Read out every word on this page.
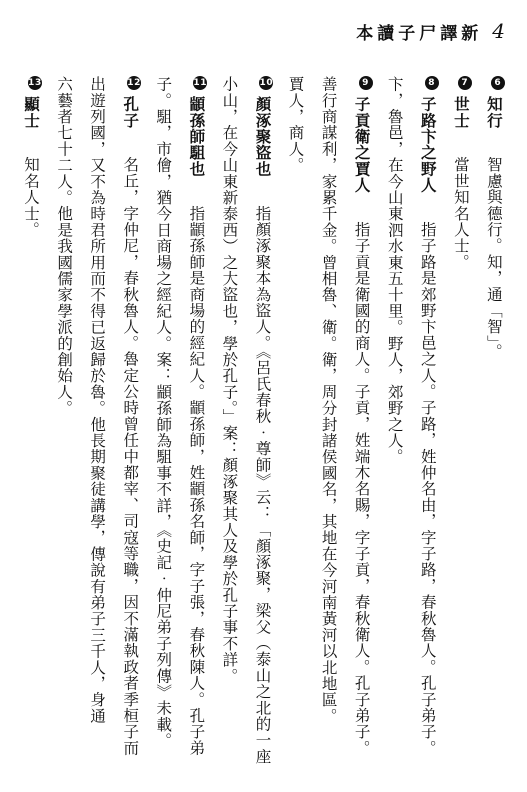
本讀子尸譯新 4
6知行　智慮與德行。知，通「智」。
7世士　當世知名人士。
8子路卞之野人　指子路是郊野卞邑之人。子路，姓仲名由，字子路，春秋魯人。孔子弟子。
卞，魯邑，在今山東泗水東五十里。野人，郊野之人。
9子貢衛之賈人　指子貢是衛國的商人。子貢，姓端木名賜，字子貢，春秋衛人。孔子弟子。
善行商謀利，家累千金。曾相魯、衛。衛，周分封諸侯國名，其地在今河南黃河以北地區。
賈人，商人。
10顏涿聚盜也　指顏涿聚本為盜人。《呂氏春秋‧尊師》云：「顏涿聚，梁父（泰山之北的一座
小山，在今山東新泰西）之大盜也，學於孔子。」案：顏涿聚其人及學於孔子事不詳。
11顓孫師駔也　指顓孫師是商場的經紀人。顓孫師，姓顓孫名師，字子張，春秋陳人。孔子弟
子。駔，市儈，猶今日商場之經紀人。案：顓孫師為駔事不詳，《史記‧仲尼弟子列傳》未載。
12孔子　名丘，字仲尼，春秋魯人。魯定公時曾任中都宰、司寇等職，因不滿執政者季桓子而
出遊列國，又不為時君所用而不得已返歸於魯。他長期聚徒講學，傳說有弟子三千人，身通
六藝者七十二人。他是我國儒家學派的創始人。
13顯士　知名人士。
